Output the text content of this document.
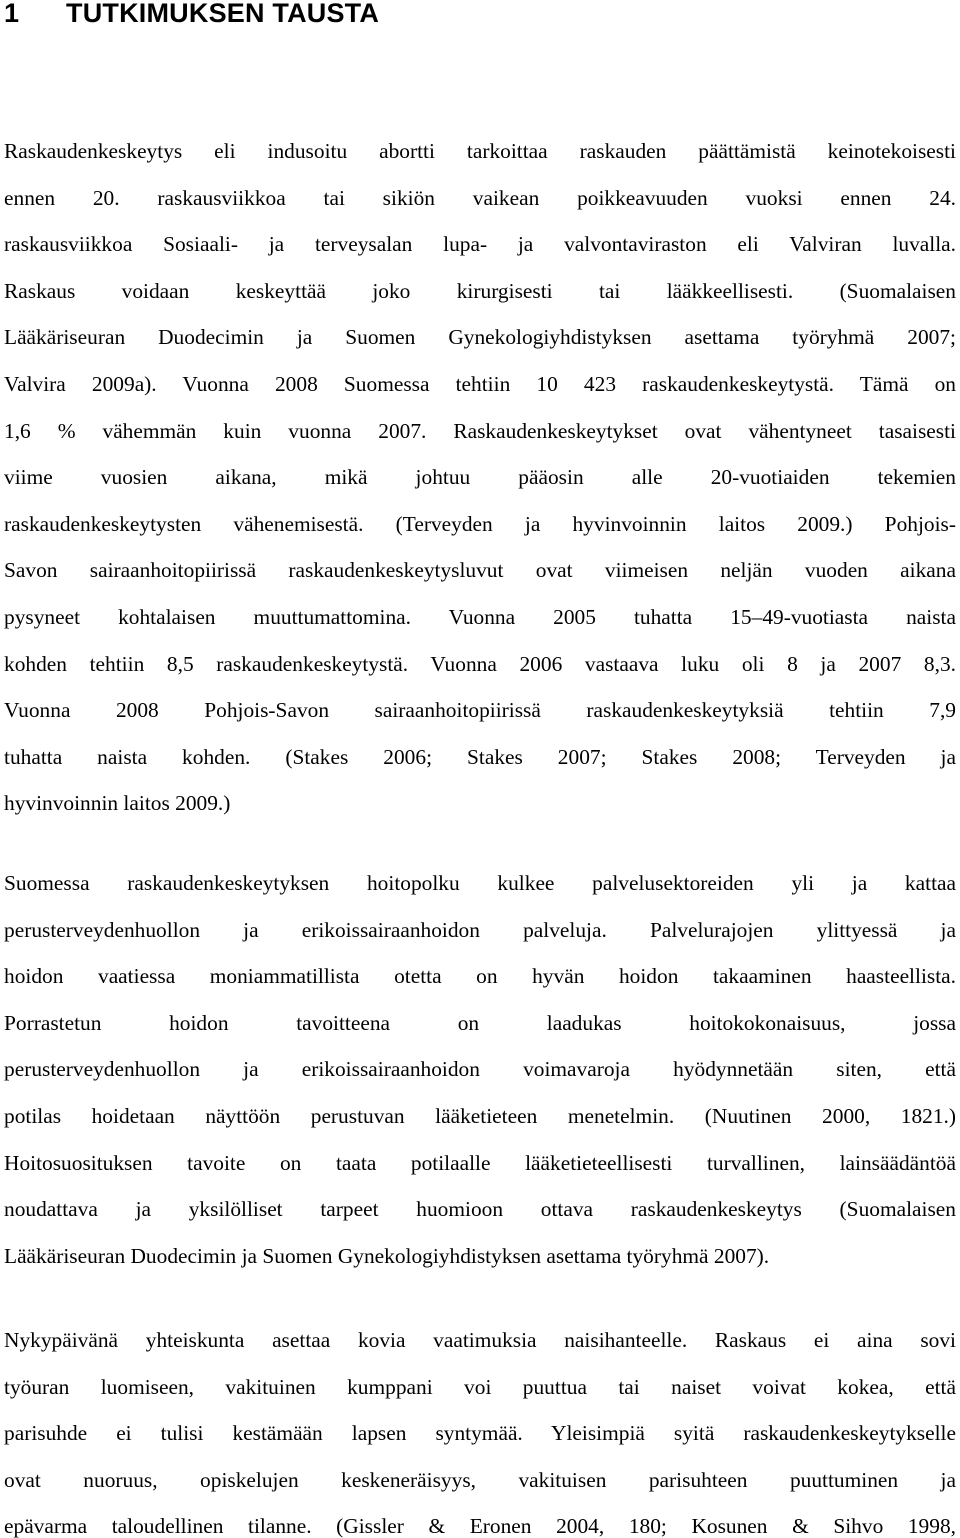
1 TUTKIMUKSEN TAUSTA
Raskaudenkeskeytys eli indusoitu abortti tarkoittaa raskauden päättämistä keinotekoisesti
ennen 20. raskausviikkoa tai sikiön vaikean poikkeavuuden vuoksi ennen 24.
raskausviikkoa Sosiaali- ja terveysalan lupa- ja valvontaviraston eli Valviran luvalla.
Raskaus voidaan keskeyttää joko kirurgisesti tai lääkkeellisesti. (Suomalaisen
Lääkäriseuran Duodecimin ja Suomen Gynekologiyhdistyksen asettama työryhmä 2007;
Valvira 2009a). Vuonna 2008 Suomessa tehtiin 10 423 raskaudenkeskeytystä. Tämä on
1,6 % vähemmän kuin vuonna 2007. Raskaudenkeskeytykset ovat vähentyneet tasaisesti
viime vuosien aikana, mikä johtuu pääosin alle 20-vuotiaiden tekemien
raskaudenkeskeytysten vähenemisestä. (Terveyden ja hyvinvoinnin laitos 2009.) Pohjois-
Savon sairaanhoitopiirissä raskaudenkeskeytysluvut ovat viimeisen neljän vuoden aikana
pysyneet kohtalaisen muuttumattomina. Vuonna 2005 tuhatta 15–49-vuotiasta naista
kohden tehtiin 8,5 raskaudenkeskeytystä. Vuonna 2006 vastaava luku oli 8 ja 2007 8,3.
Vuonna 2008 Pohjois-Savon sairaanhoitopiirissä raskaudenkeskeytyksiä tehtiin 7,9
tuhatta naista kohden. (Stakes 2006; Stakes 2007; Stakes 2008; Terveyden ja
hyvinvoinnin laitos 2009.)
Suomessa raskaudenkeskeytyksen hoitopolku kulkee palvelusektoreiden yli ja kattaa
perusterveydenhuollon ja erikoissairaanhoidon palveluja. Palvelurajojen ylittyessä ja
hoidon vaatiessa moniammatillista otetta on hyvän hoidon takaaminen haasteellista.
Porrastetun hoidon tavoitteena on laadukas hoitokokonaisuus, jossa
perusterveydenhuollon ja erikoissairaanhoidon voimavaroja hyödynnetään siten, että
potilas hoidetaan näyttöön perustuvan lääketieteen menetelmin. (Nuutinen 2000, 1821.)
Hoitosuosituksen tavoite on taata potilaalle lääketieteellisesti turvallinen, lainsäädäntöä
noudattava ja yksilölliset tarpeet huomioon ottava raskaudenkeskeytys (Suomalaisen
Lääkäriseuran Duodecimin ja Suomen Gynekologiyhdistyksen asettama työryhmä 2007).
Nykypäivänä yhteiskunta asettaa kovia vaatimuksia naisihanteelle. Raskaus ei aina sovi
työuran luomiseen, vakituinen kumppani voi puuttua tai naiset voivat kokea, että
parisuhde ei tulisi kestämään lapsen syntymää. Yleisimpiä syitä raskaudenkeskeytykselle
ovat nuoruus, opiskelujen keskeneräisyys, vakituisen parisuhteen puuttuminen ja
epävarma taloudellinen tilanne. (Gissler & Eronen 2004, 180; Kosunen & Sihvo 1998,
